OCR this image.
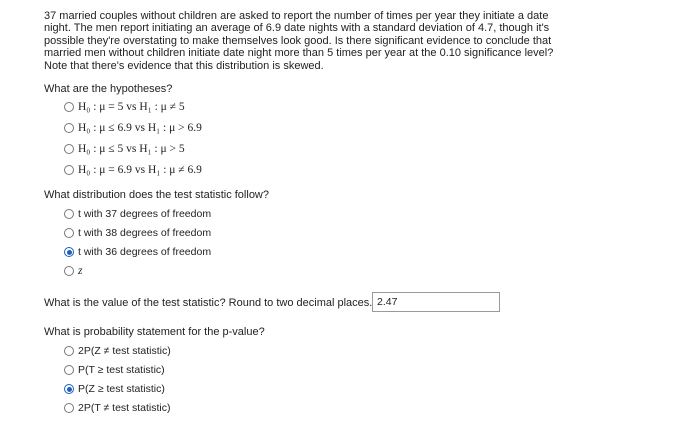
37 married couples without children are asked to report the number of times per year they initiate a date
night. The men report initiating an average of 6.9 date nights with a standard deviation of 4.7, though it's
possible they're overstating to make themselves look good. Is there significant evidence to conclude that
married men without children initiate date night more than 5 times per year at the 0.10 significance level?
Note that there's evidence that this distribution is skewed.
What are the hypotheses?
H₀ : μ = 5 vs H₁ : μ ≠ 5
H₀ : μ ≤ 6.9 vs H₁ : μ > 6.9
H₀ : μ ≤ 5 vs H₁ : μ > 5
H₀ : μ = 6.9 vs H₁ : μ ≠ 6.9
What distribution does the test statistic follow?
t with 37 degrees of freedom
t with 38 degrees of freedom
t with 36 degrees of freedom
z
What is the value of the test statistic? Round to two decimal places. 2.47
What is probability statement for the p-value?
2P(Z ≠ test statistic)
P(T ≥ test statistic)
P(Z ≥ test statistic)
2P(T ≠ test statistic)
